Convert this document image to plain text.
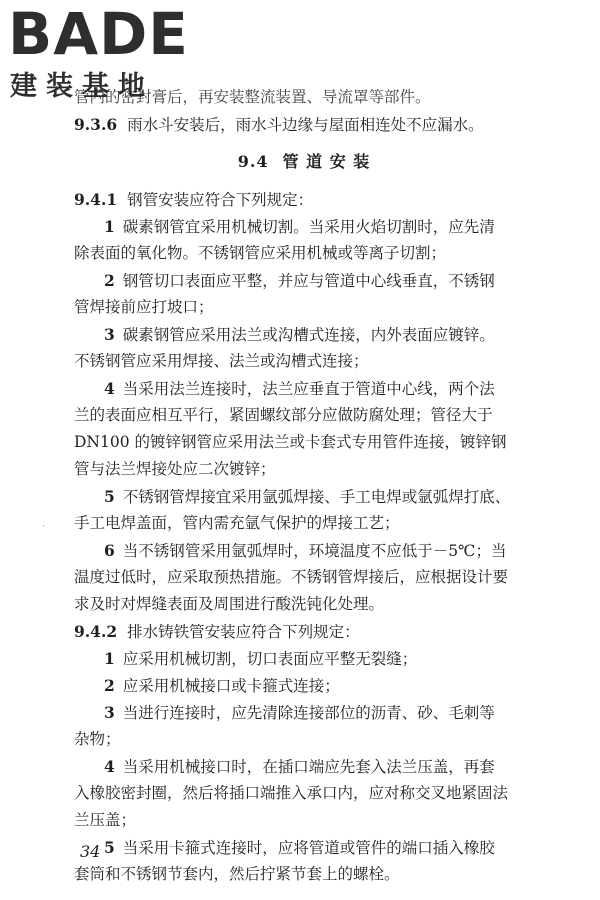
BADE
建装基地
管内的密封膏后，再安装整流装置、导流罩等部件。
9.3.6 雨水斗安装后，雨水斗边缘与屋面相连处不应漏水。
9.4 管 道 安 装
9.4.1 钢管安装应符合下列规定：
1 碳素钢管宜采用机械切割。当采用火焰切割时，应先清
除表面的氧化物。不锈钢管应采用机械或等离子切割；
2 钢管切口表面应平整，并应与管道中心线垂直，不锈钢
管焊接前应打坡口；
3 碳素钢管应采用法兰或沟槽式连接，内外表面应镀锌。
不锈钢管应采用焊接、法兰或沟槽式连接；
4 当采用法兰连接时，法兰应垂直于管道中心线，两个法
兰的表面应相互平行，紧固螺纹部分应做防腐处理；管径大于
DN100 的镀锌钢管应采用法兰或卡套式专用管件连接，镀锌钢
管与法兰焊接处应二次镀锌；
5 不锈钢管焊接宜采用氩弧焊接、手工电焊或氩弧焊打底、
手工电焊盖面，管内需充氩气保护的焊接工艺；
6 当不锈钢管采用氩弧焊时，环境温度不应低于－5℃；当
温度过低时，应采取预热措施。不锈钢管焊接后，应根据设计要
求及时对焊缝表面及周围进行酸洗钝化处理。
9.4.2 排水铸铁管安装应符合下列规定：
1 应采用机械切割，切口表面应平整无裂缝；
2 应采用机械接口或卡箍式连接；
3 当进行连接时，应先清除连接部位的沥青、砂、毛刺等
杂物；
4 当采用机械接口时，在插口端应先套入法兰压盖，再套
入橡胶密封圈，然后将插口端推入承口内，应对称交叉地紧固法
兰压盖；
5 当采用卡箍式连接时，应将管道或管件的端口插入橡胶
套筒和不锈钢节套内，然后拧紧节套上的螺栓。
·
34
